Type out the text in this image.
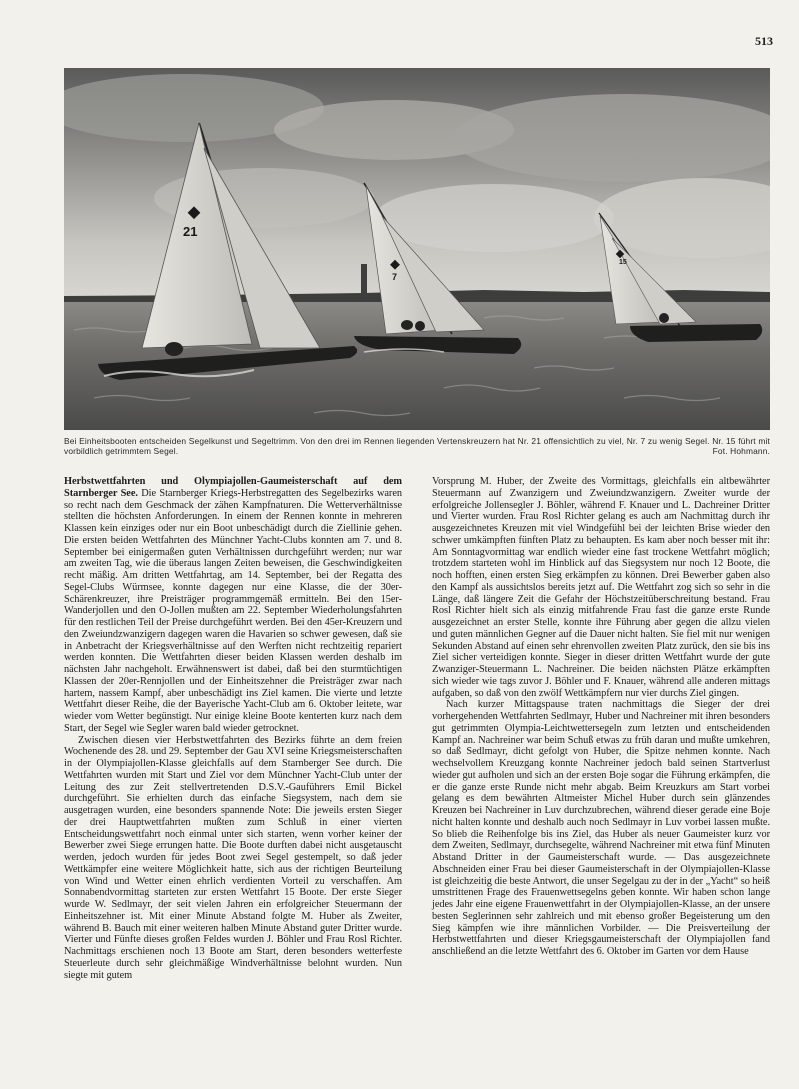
513
21
7
15
Bei Einheitsbooten entscheiden Segelkunst und Segeltrimm. Von den drei im Rennen liegenden Vertenskreuzern hat Nr. 21 offensichtlich zu viel, Nr. 7 zu wenig Segel. Nr. 15 führt mit vorbildlich getrimmtem Segel.	Fot. Hohmann.

Herbstwettfahrten und Olympiajollen-Gaumeisterschaft auf dem Starnberger See. Die Starnberger Kriegs-Herbstregatten des Segelbezirks waren so recht nach dem Geschmack der zähen Kampfnaturen. Die Wetterverhältnisse stellten die höchsten Anforderungen. In einem der Rennen konnte in mehreren Klassen kein einziges oder nur ein Boot unbeschädigt durch die Ziellinie gehen. Die ersten beiden Wettfahrten des Münchner Yacht-Clubs konnten am 7. und 8. September bei einigermaßen guten Verhältnissen durchgeführt werden; nur war am zweiten Tag, wie die überaus langen Zeiten beweisen, die Geschwindigkeiten recht mäßig. Am dritten Wettfahrtag, am 14. September, bei der Regatta des Segel-Clubs Würmsee, konnte dagegen nur eine Klasse, die der 30er-Schärenkreuzer, ihre Preisträger programmgemäß ermitteln. Bei den 15er-Wanderjollen und den O-Jollen mußten am 22. September Wiederholungsfahrten für den restlichen Teil der Preise durchgeführt werden. Bei den 45er-Kreuzern und den Zweiundzwanzigern dagegen waren die Havarien so schwer gewesen, daß sie in Anbetracht der Kriegsverhältnisse auf den Werften nicht rechtzeitig repariert werden konnten. Die Wettfahrten dieser beiden Klassen werden deshalb im nächsten Jahr nachgeholt. Erwähnenswert ist dabei, daß bei den sturmtüchtigen Klassen der 20er-Rennjollen und der Einheitszehner die Preisträger zwar nach hartem, nassem Kampf, aber unbeschädigt ins Ziel kamen. Die vierte und letzte Wettfahrt dieser Reihe, die der Bayerische Yacht-Club am 6. Oktober leitete, war wieder vom Wetter begünstigt. Nur einige kleine Boote kenterten kurz nach dem Start, der Segel wie Segler waren bald wieder getrocknet.

Zwischen diesen vier Herbstwettfahrten des Bezirks führte an dem freien Wochenende des 28. und 29. September der Gau XVI seine Kriegsmeisterschaften in der Olympiajollen-Klasse gleichfalls auf dem Starnberger See durch. Die Wettfahrten wurden mit Start und Ziel vor dem Münchner Yacht-Club unter der Leitung des zur Zeit stellvertretenden D.S.V.-Gauführers Emil Bickel durchgeführt. Sie erhielten durch das einfache Siegsystem, nach dem sie ausgetragen wurden, eine besonders spannende Note: Die jeweils ersten Sieger der drei Hauptwettfahrten mußten zum Schluß in einer vierten Entscheidungswettfahrt noch einmal unter sich starten, wenn vorher keiner der Bewerber zwei Siege errungen hatte. Die Boote durften dabei nicht ausgetauscht werden, jedoch wurden für jedes Boot zwei Segel gestempelt, so daß jeder Wettkämpfer eine weitere Möglichkeit hatte, sich aus der richtigen Beurteilung von Wind und Wetter einen ehrlich verdienten Vorteil zu verschaffen. Am Sonnabendvormittag starteten zur ersten Wettfahrt 15 Boote. Der erste Sieger wurde W. Sedlmayr, der seit vielen Jahren ein erfolgreicher Steuermann der Einheitszehner ist. Mit einer Minute Abstand folgte M. Huber als Zweiter, während B. Bauch mit einer weiteren halben Minute Abstand guter Dritter wurde. Vierter und Fünfte dieses großen Feldes wurden J. Böhler und Frau Rosl Richter. Nachmittags erschienen noch 13 Boote am Start, deren besonders wetterfeste Steuerleute durch sehr gleichmäßige Windverhältnisse belohnt wurden. Nun siegte mit gutem

Vorsprung M. Huber, der Zweite des Vormittags, gleichfalls ein altbewährter Steuermann auf Zwanzigern und Zweiundzwanzigern. Zweiter wurde der erfolgreiche Jollensegler J. Böhler, während F. Knauer und L. Dachreiner Dritter und Vierter wurden. Frau Rosl Richter gelang es auch am Nachmittag durch ihr ausgezeichnetes Kreuzen mit viel Windgefühl bei der leichten Brise wieder den schwer umkämpften fünften Platz zu behaupten. Es kam aber noch besser mit ihr: Am Sonntagvormittag war endlich wieder eine fast trockene Wettfahrt möglich; trotzdem starteten wohl im Hinblick auf das Siegsystem nur noch 12 Boote, die noch hofften, einen ersten Sieg erkämpfen zu können. Drei Bewerber gaben also den Kampf als aussichtslos bereits jetzt auf. Die Wettfahrt zog sich so sehr in die Länge, daß längere Zeit die Gefahr der Höchstzeitüberschreitung bestand. Frau Rosl Richter hielt sich als einzig mitfahrende Frau fast die ganze erste Runde ausgezeichnet an erster Stelle, konnte ihre Führung aber gegen die allzu vielen und guten männlichen Gegner auf die Dauer nicht halten. Sie fiel mit nur wenigen Sekunden Abstand auf einen sehr ehrenvollen zweiten Platz zurück, den sie bis ins Ziel sicher verteidigen konnte. Sieger in dieser dritten Wettfahrt wurde der gute Zwanziger-Steuermann L. Nachreiner. Die beiden nächsten Plätze erkämpften sich wieder wie tags zuvor J. Böhler und F. Knauer, während alle anderen mittags aufgaben, so daß von den zwölf Wettkämpfern nur vier durchs Ziel gingen.

Nach kurzer Mittagspause traten nachmittags die Sieger der drei vorhergehenden Wettfahrten Sedlmayr, Huber und Nachreiner mit ihren besonders gut getrimmten Olympia-Leichtwettersegeln zum letzten und entscheidenden Kampf an. Nachreiner war beim Schuß etwas zu früh daran und mußte umkehren, so daß Sedlmayr, dicht gefolgt von Huber, die Spitze nehmen konnte. Nach wechselvollem Kreuzgang konnte Nachreiner jedoch bald seinen Startverlust wieder gut aufholen und sich an der ersten Boje sogar die Führung erkämpfen, die er die ganze erste Runde nicht mehr abgab. Beim Kreuzkurs am Start vorbei gelang es dem bewährten Altmeister Michel Huber durch sein glänzendes Kreuzen bei Nachreiner in Luv durchzubrechen, während dieser gerade eine Boje nicht halten konnte und deshalb auch noch Sedlmayr in Luv vorbei lassen mußte. So blieb die Reihenfolge bis ins Ziel, das Huber als neuer Gaumeister kurz vor dem Zweiten, Sedlmayr, durchsegelte, während Nachreiner mit etwa fünf Minuten Abstand Dritter in der Gaumeisterschaft wurde. — Das ausgezeichnete Abschneiden einer Frau bei dieser Gaumeisterschaft in der Olympiajollen-Klasse ist gleichzeitig die beste Antwort, die unser Segelgau zu der in der „Yacht“ so heiß umstrittenen Frage des Frauenwettsegelns geben konnte. Wir haben schon lange jedes Jahr eine eigene Frauenwettfahrt in der Olympiajollen-Klasse, an der unsere besten Seglerinnen sehr zahlreich und mit ebenso großer Begeisterung um den Sieg kämpfen wie ihre männlichen Vorbilder. — Die Preisverteilung der Herbstwettfahrten und dieser Kriegsgaumeisterschaft der Olympiajollen fand anschließend an die letzte Wettfahrt des 6. Oktober im Garten vor dem Hause
